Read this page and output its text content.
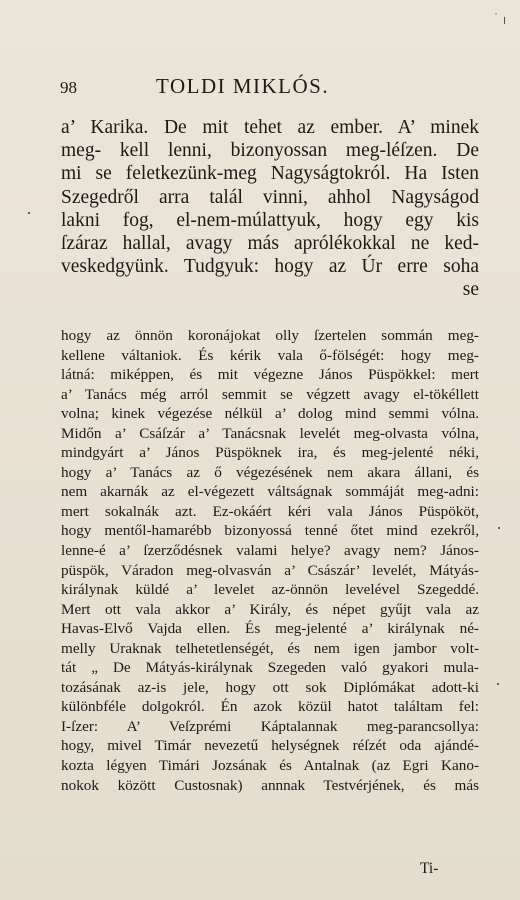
˙ ╷
98	TOLDI MIKLÓS.
a’ Karika. De mit tehet az ember. A’ minek
meg- kell lenni, bizonyossan meg-léſzen. De
mi se feletkezünk-meg Nagyságtokról. Ha Isten
Szegedről arra talál vinni, ahhol Nagyságod
lakni fog, el-nem-múlattyuk, hogy egy kis
ſzáraz hallal, avagy más aprólékokkal ne ked-
veskedgyünk. Tudgyuk: hogy az Úr erre soha
se
hogy az önnön koronájokat olly ſzertelen sommán meg-
kellene váltaniok. És kérik vala ő-fölségét: hogy meg-
látná: miképpen, és mit végezne János Püspökkel: mert
a’ Tanács még arról semmit se végzett avagy el-tökéllett
volna; kinek végezése nélkül a’ dolog mind semmi vólna.
Midőn a’ Csáſzár a’ Tanácsnak levelét meg-olvasta vólna,
mindgyárt a’ János Püspöknek ira, és meg-jelenté néki,
hogy a’ Tanács az ő végezésének nem akara állani, és
nem akarnák az el-végezett váltságnak sommáját meg-adni:
mert sokalnák azt. Ez-okáért kéri vala János Püspököt,
hogy mentől-hamarébb bizonyossá tenné őtet mind ezekről,
lenne-é a’ ſzerződésnek valami helye? avagy nem? János-
püspök, Váradon meg-olvasván a’ Császár’ levelét, Mátyás-
királynak küldé a’ levelet az-önnön levelével Szegeddé.
Mert ott vala akkor a’ Király, és népet gyűjt vala az
Havas-Elvő Vajda ellen. És meg-jelenté a’ királynak né-
melly Uraknak telhetetlenségét, és nem igen jambor volt-
tát „ De Mátyás-királynak Szegeden való gyakori mula-
tozásának az-is jele, hogy ott sok Diplómákat adott-ki
különbféle dolgokról. Én azok közül hatot találtam fel:
I-ſzer: A’ Veſzprémi Káptalannak meg-parancsollya:
hogy, mivel Timár nevezetű helységnek réſzét oda ajándé-
kozta légyen Timári Jozsának és Antalnak (az Egri Kano-
nokok között Custosnak) annnak Testvérjének, és más
Ti-
